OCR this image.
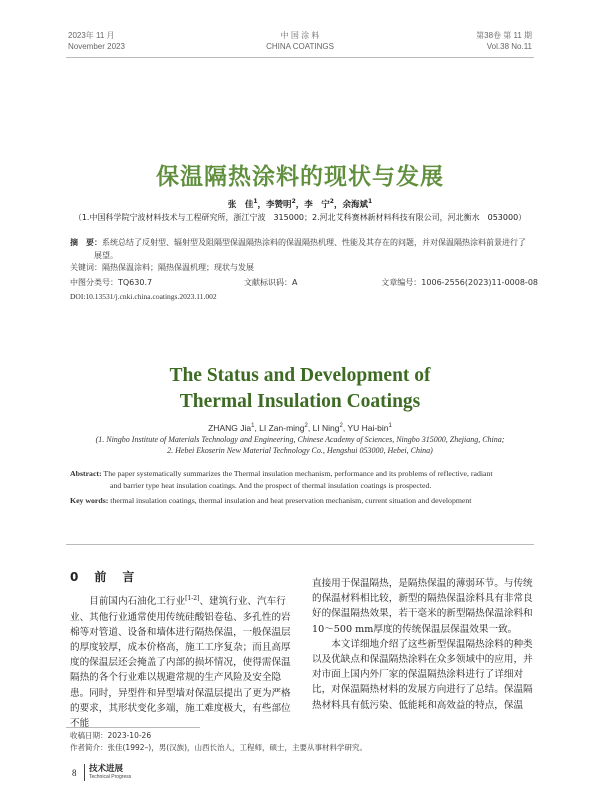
2023年 11 月
November 2023
中 国 涂 料
CHINA COATINGS
第38卷 第 11 期
Vol.38 No.11
保温隔热涂料的现状与发展
张　佳$^1$，李赞明$^2$，李　宁$^2$，余海斌$^1$
（1.中国科学院宁波材料技术与工程研究所，浙江宁波　315000；2.河北艾科赛林新材料科技有限公司，河北衡水　053000）
摘　要：系统总结了反射型、辐射型及阻隔型保温隔热涂料的保温隔热机理、性能及其存在的问题，并对保温隔热涂料前景进行了
展望。
关键词：隔热保温涂料；隔热保温机理；现状与发展
中图分类号：TQ630.7	文献标识码：A	文章编号：1006-2556(2023)11-0008-08
DOI:10.13531/j.cnki.china.coatings.2023.11.002
The Status and Development of
Thermal Insulation Coatings
ZHANG Jia$^1$, LI Zan-ming$^2$, LI Ning$^2$, YU Hai-bin$^1$
(1. Ningbo Institute of Materials Technology and Engineering, Chinese Academy of Sciences, Ningbo 315000, Zhejiang, China;
2. Hebei Ekoserin New Material Technology Co., Hengshui 053000, Hebei, China)
Abstract: The paper systematically summarizes the Thermal insulation mechanism, performance and its problems of reflective, radiant
and barrier type heat insulation coatings. And the prospect of thermal insulation coatings is prospected.
Key words: thermal insulation coatings, thermal insulation and heat preservation mechanism, current situation and development
0　前　言

目前国内石油化工行业[1-2]、建筑行业、汽车行业、其他行业通常使用传统硅酸铝卷毡、多孔性的岩棉等对管道、设备和墙体进行隔热保温，一般保温层的厚度较厚，成本价格高，施工工序复杂；而且高厚度的保温层还会掩盖了内部的损坏情况，使得需保温隔热的各个行业难以规避常规的生产风险及安全隐患。同时，异型件和异型墙对保温层提出了更为严格的要求，其形状变化多端，施工难度极大，有些部位不能

直接用于保温隔热，是隔热保温的薄弱环节。与传统的保温材料相比较，新型的隔热保温涂料具有非常良好的保温隔热效果，若干毫米的新型隔热保温涂料和10～500 mm厚度的传统保温层保温效果一致。

本文详细地介绍了这些新型保温隔热涂料的种类以及优缺点和保温隔热涂料在众多领域中的应用，并对市面上国内外厂家的保温隔热涂料进行了详细对比，对保温隔热材料的发展方向进行了总结。保温隔热材料具有低污染、低能耗和高效益的特点，保温

收稿日期：2023-10-26
作者简介：张佳(1992–)，男(汉族)，山西长治人，工程师，硕士，主要从事材料学研究。
8 技术进展
Technical Progress
